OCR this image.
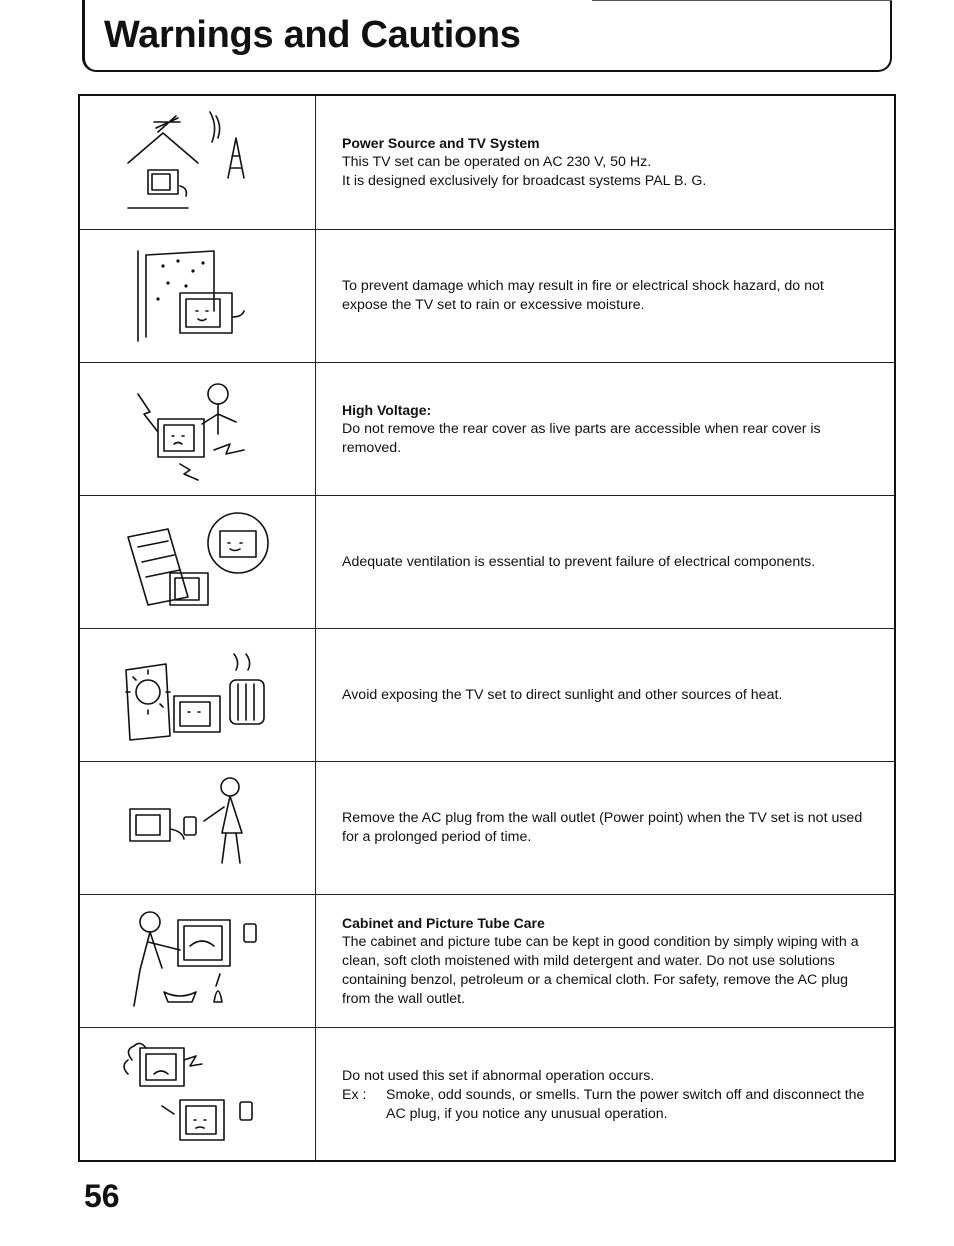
Warnings and Cautions

Power Source and TV System

This TV set can be operated on AC 230 V, 50 Hz.

It is designed exclusively for broadcast systems PAL B. G.

To prevent damage which may result in fire or electrical shock hazard, do not expose the TV set to rain or excessive moisture.

High Voltage:

Do not remove the rear cover as live parts are accessible when rear cover is removed.

Adequate ventilation is essential to prevent failure of electrical components.

Avoid exposing the TV set to direct sunlight and other sources of heat.

Remove the AC plug from the wall outlet (Power point) when the TV set is not used for a prolonged period of time.

Cabinet and Picture Tube Care

The cabinet and picture tube can be kept in good condition by simply wiping with a clean, soft cloth moistened with mild detergent and water. Do not use solutions containing benzol, petroleum or a chemical cloth. For safety, remove the AC plug from the wall outlet.

Do not used this set if abnormal operation occurs.

Ex :	Smoke, odd sounds, or smells. Turn the power switch off and disconnect the AC plug, if you notice any unusual operation.

56
